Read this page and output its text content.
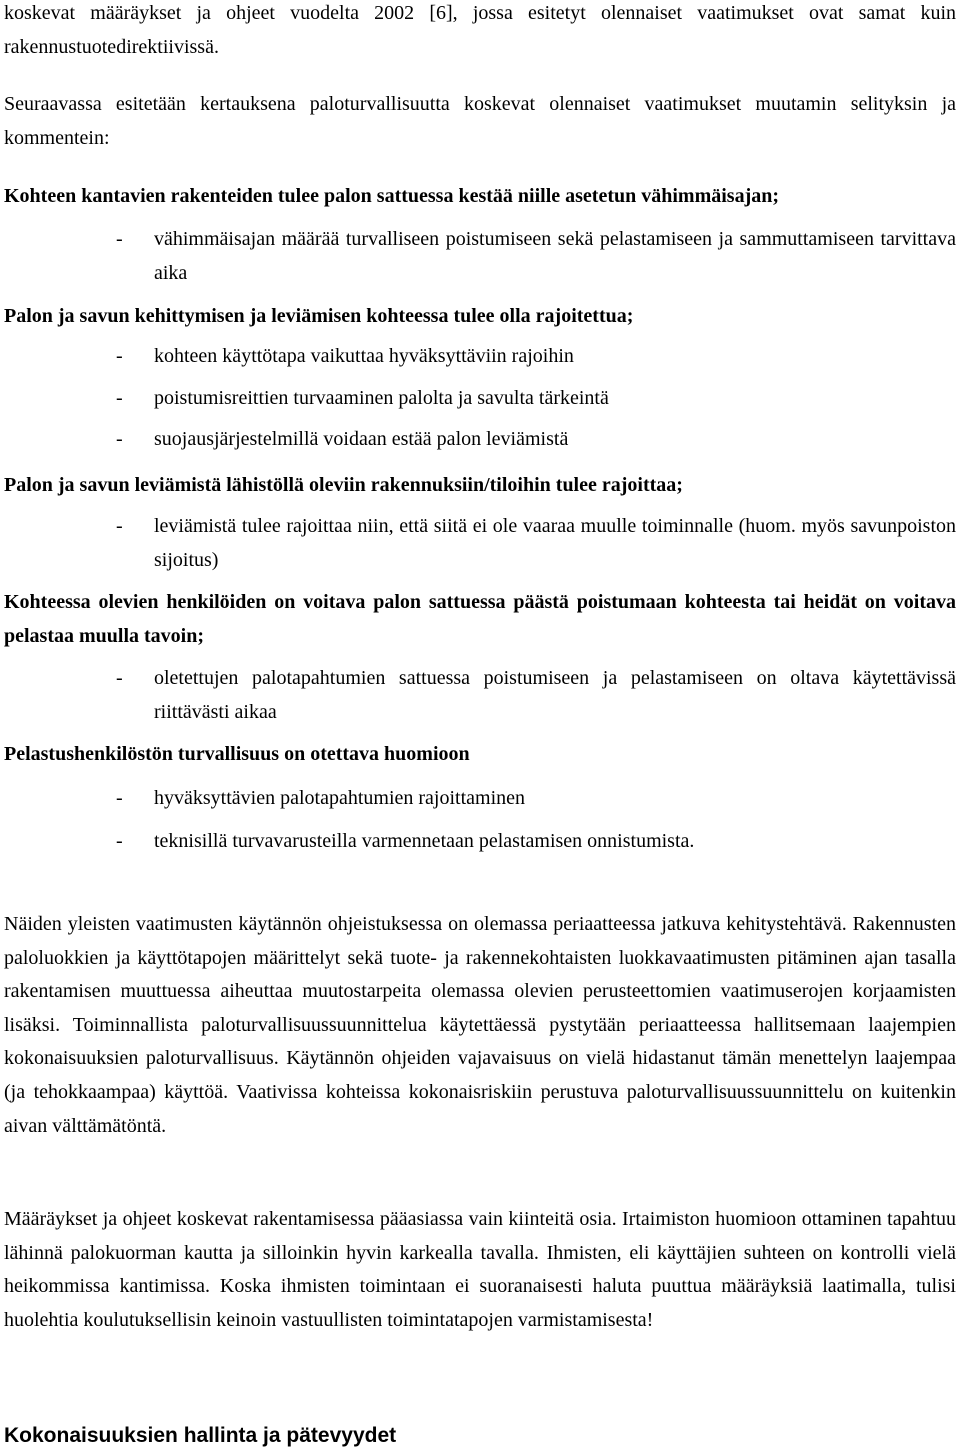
koskevat määräykset ja ohjeet vuodelta 2002 [6], jossa esitetyt olennaiset vaatimukset ovat samat kuin rakennustuotedirektiivissä.

Seuraavassa esitetään kertauksena paloturvallisuutta koskevat olennaiset vaatimukset muutamin selityksin ja kommentein:

Kohteen kantavien rakenteiden tulee palon sattuessa kestää niille asetetun vähimmäisajan;

- vähimmäisajan määrää turvalliseen poistumiseen sekä pelastamiseen ja sammuttamiseen tarvittava aika

Palon ja savun kehittymisen ja leviämisen kohteessa tulee olla rajoitettua;

- kohteen käyttötapa vaikuttaa hyväksyttäviin rajoihin
- poistumisreittien turvaaminen palolta ja savulta tärkeintä
- suojausjärjestelmillä voidaan estää palon leviämistä

Palon ja savun leviämistä lähistöllä oleviin rakennuksiin/tiloihin tulee rajoittaa;

- leviämistä tulee rajoittaa niin, että siitä ei ole vaaraa muulle toiminnalle (huom. myös savunpoiston sijoitus)

Kohteessa olevien henkilöiden on voitava palon sattuessa päästä poistumaan kohteesta tai heidät on voitava pelastaa muulla tavoin;

- oletettujen palotapahtumien sattuessa poistumiseen ja pelastamiseen on oltava käytettävissä riittävästi aikaa

Pelastushenkilöstön turvallisuus on otettava huomioon

- hyväksyttävien palotapahtumien rajoittaminen
- teknisillä turvavarusteilla varmennetaan pelastamisen onnistumista.

Näiden yleisten vaatimusten käytännön ohjeistuksessa on olemassa periaatteessa jatkuva kehitystehtävä. Rakennusten paloluokkien ja käyttötapojen määrittelyt sekä tuote- ja rakennekohtaisten luokkavaatimusten pitäminen ajan tasalla rakentamisen muuttuessa aiheuttaa muutostarpeita olemassa olevien perusteettomien vaatimuserojen korjaamisten lisäksi. Toiminnallista paloturvallisuussuunnittelua käytettäessä pystytään periaatteessa hallitsemaan laajempien kokonaisuuksien paloturvallisuus. Käytännön ohjeiden vajavaisuus on vielä hidastanut tämän menettelyn laajempaa (ja tehokkaampaa) käyttöä. Vaativissa kohteissa kokonaisriskiin perustuva paloturvallisuussuunnittelu on kuitenkin aivan välttämätöntä.

Määräykset ja ohjeet koskevat rakentamisessa pääasiassa vain kiinteitä osia. Irtaimiston huomioon ottaminen tapahtuu lähinnä palokuorman kautta ja silloinkin hyvin karkealla tavalla. Ihmisten, eli käyttäjien suhteen on kontrolli vielä heikommissa kantimissa. Koska ihmisten toimintaan ei suoranaisesti haluta puuttua määräyksiä laatimalla, tulisi huolehtia koulutuksellisin keinoin vastuullisten toimintatapojen varmistamisesta!

Kokonaisuuksien hallinta ja pätevyydet
